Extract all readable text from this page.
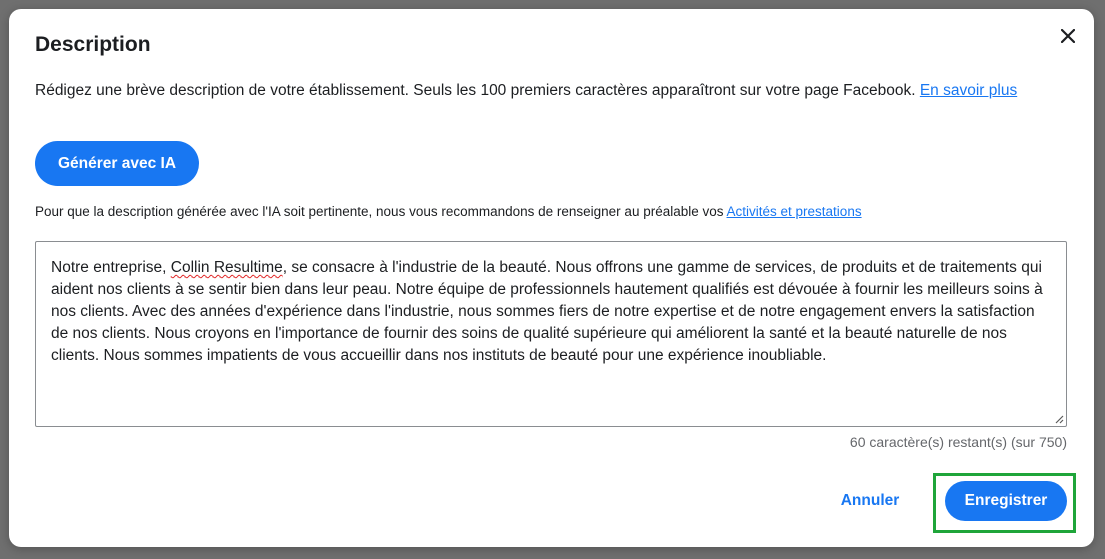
Description

Rédigez une brève description de votre établissement. Seuls les 100 premiers caractères apparaîtront sur votre page Facebook. En savoir plus

Générer avec IA

Pour que la description générée avec l'IA soit pertinente, nous vous recommandons de renseigner au préalable vos Activités et prestations

Notre entreprise, Collin Resultime, se consacre à l'industrie de la beauté. Nous offrons une gamme de services, de produits et de traitements qui aident nos clients à se sentir bien dans leur peau. Notre équipe de professionnels hautement qualifiés est dévouée à fournir les meilleurs soins à nos clients. Avec des années d'expérience dans l'industrie, nous sommes fiers de notre expertise et de notre engagement envers la satisfaction de nos clients. Nous croyons en l'importance de fournir des soins de qualité supérieure qui améliorent la santé et la beauté naturelle de nos clients. Nous sommes impatients de vous accueillir dans nos instituts de beauté pour une expérience inoubliable.
60 caractère(s) restant(s) (sur 750)
Annuler	Enregistrer
